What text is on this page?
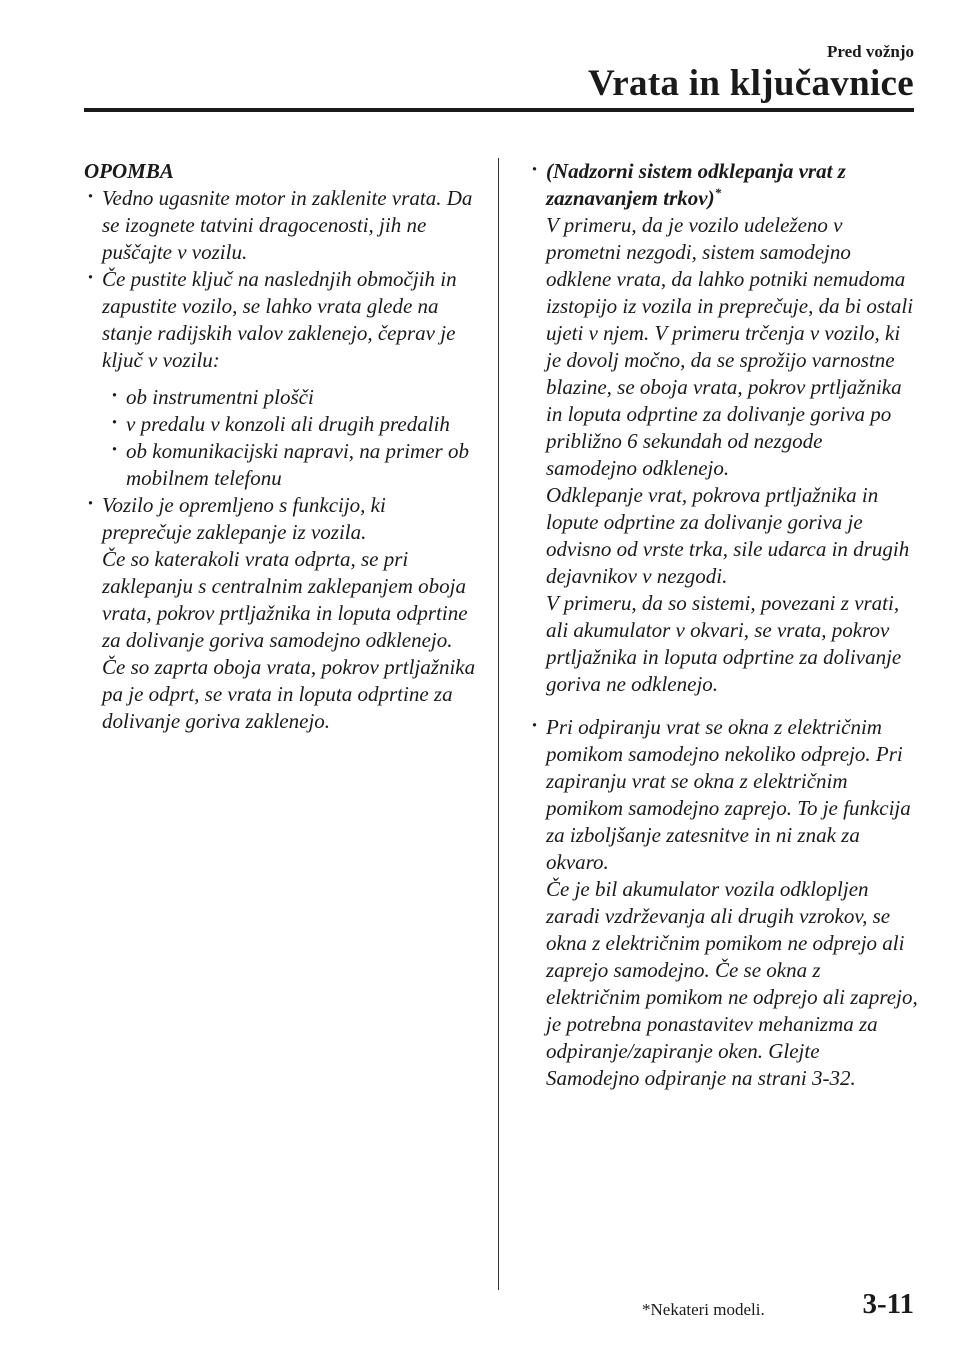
Pred vožnjo
Vrata in ključavnice

OPOMBA

· Vedno ugasnite motor in zaklenite vrata. Da se izognete tatvini dragocenosti, jih ne puščajte v vozilu.

· Če pustite ključ na naslednjih območjih in zapustite vozilo, se lahko vrata glede na stanje radijskih valov zaklenejo, čeprav je ključ v vozilu:

· ob instrumentni plošči

· v predalu v konzoli ali drugih predalih

· ob komunikacijski napravi, na primer ob mobilnem telefonu

· Vozilo je opremljeno s funkcijo, ki preprečuje zaklepanje iz vozila.

Če so katerakoli vrata odprta, se pri zaklepanju s centralnim zaklepanjem oboja vrata, pokrov prtljažnika in loputa odprtine za dolivanje goriva samodejno odklenejo.

Če so zaprta oboja vrata, pokrov prtljažnika pa je odprt, se vrata in loputa odprtine za dolivanje goriva zaklenejo.

· (Nadzorni sistem odklepanja vrat z zaznavanjem trkov)*

V primeru, da je vozilo udeleženo v prometni nezgodi, sistem samodejno odklene vrata, da lahko potniki nemudoma izstopijo iz vozila in preprečuje, da bi ostali ujeti v njem. V primeru trčenja v vozilo, ki je dovolj močno, da se sprožijo varnostne blazine, se oboja vrata, pokrov prtljažnika in loputa odprtine za dolivanje goriva po približno 6 sekundah od nezgode samodejno odklenejo.

Odklepanje vrat, pokrova prtljažnika in lopute odprtine za dolivanje goriva je odvisno od vrste trka, sile udarca in drugih dejavnikov v nezgodi.

V primeru, da so sistemi, povezani z vrati, ali akumulator v okvari, se vrata, pokrov prtljažnika in loputa odprtine za dolivanje goriva ne odklenejo.

· Pri odpiranju vrat se okna z električnim pomikom samodejno nekoliko odprejo. Pri zapiranju vrat se okna z električnim pomikom samodejno zaprejo. To je funkcija za izboljšanje zatesnitve in ni znak za okvaro.

Če je bil akumulator vozila odklopljen zaradi vzdrževanja ali drugih vzrokov, se okna z električnim pomikom ne odprejo ali zaprejo samodejno. Če se okna z električnim pomikom ne odprejo ali zaprejo, je potrebna ponastavitev mehanizma za odpiranje/zapiranje oken. Glejte Samodejno odpiranje na strani 3-32.

*Nekateri modeli.	3-11
